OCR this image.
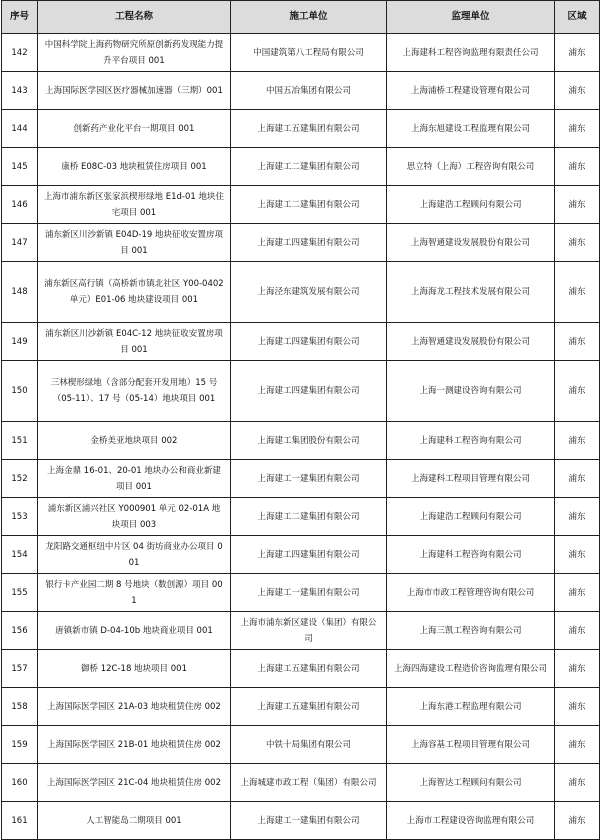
序号	工程名称	施工单位	监理单位	区域
142	中国科学院上海药物研究所原创新药发现能力提升平台项目 001	中国建筑第八工程局有限公司	上海建科工程咨询监理有限责任公司	浦东
143	上海国际医学园区医疗器械加速器（三期）001	中国五冶集团有限公司	上海浦桥工程建设管理有限公司	浦东
144	创新药产业化平台一期项目 001	上海建工五建集团有限公司	上海东旭建设工程监理有限公司	浦东
145	康桥 E08C-03 地块租赁住房项目 001	上海建工二建集团有限公司	思立特（上海）工程咨询有限公司	浦东
146	上海市浦东新区张家浜楔形绿地 E1d-01 地块住宅项目 001	上海建工二建集团有限公司	上海建浩工程顾问有限公司	浦东
147	浦东新区川沙新镇 E04D-19 地块征收安置房项目 001	上海建工四建集团有限公司	上海智通建设发展股份有限公司	浦东
148	浦东新区高行镇（高桥新市镇北社区 Y00-0402 单元）E01-06 地块建设项目 001	上海泾东建筑发展有限公司	上海海龙工程技术发展有限公司	浦东
149	浦东新区川沙新镇 E04C-12 地块征收安置房项目 001	上海建工四建集团有限公司	上海智通建设发展股份有限公司	浦东
150	三林楔形绿地（含部分配套开发用地）15 号（05-11）、17 号（05-14）地块项目 001	上海建工四建集团有限公司	上海一测建设咨询有限公司	浦东
151	金桥美亚地块项目 002	上海建工集团股份有限公司	上海建科工程咨询有限公司	浦东
152	上海金鼎 16-01、20-01 地块办公和商业新建项目 001	上海建工一建集团有限公司	上海建科工程项目管理有限公司	浦东
153	浦东新区浦兴社区 Y000901 单元 02-01A 地块项目 003	上海建工二建集团有限公司	上海建浩工程顾问有限公司	浦东
154	龙阳路交通枢纽中片区 04 街坊商业办公项目 001	上海建工四建集团有限公司	上海建科工程咨询有限公司	浦东
155	银行卡产业园二期 8 号地块（数创源）项目 001	上海建工一建集团有限公司	上海市市政工程管理咨询有限公司	浦东
156	唐镇新市镇 D-04-10b 地块商业项目 001	上海市浦东新区建设（集团）有限公司	上海三凯工程咨询有限公司	浦东
157	御桥 12C-18 地块项目 001	上海建工五建集团有限公司	上海四海建设工程造价咨询监理有限公司	浦东
158	上海国际医学园区 21A-03 地块租赁住房 002	上海建工五建集团有限公司	上海东港工程监理有限公司	浦东
159	上海国际医学园区 21B-01 地块租赁住房 002	中铁十局集团有限公司	上海容基工程项目管理有限公司	浦东
160	上海国际医学园区 21C-04 地块租赁住房 002	上海城建市政工程（集团）有限公司	上海智达工程顾问有限公司	浦东
161	人工智能岛二期项目 001	上海建工一建集团有限公司	上海市工程建设咨询监理有限公司	浦东
